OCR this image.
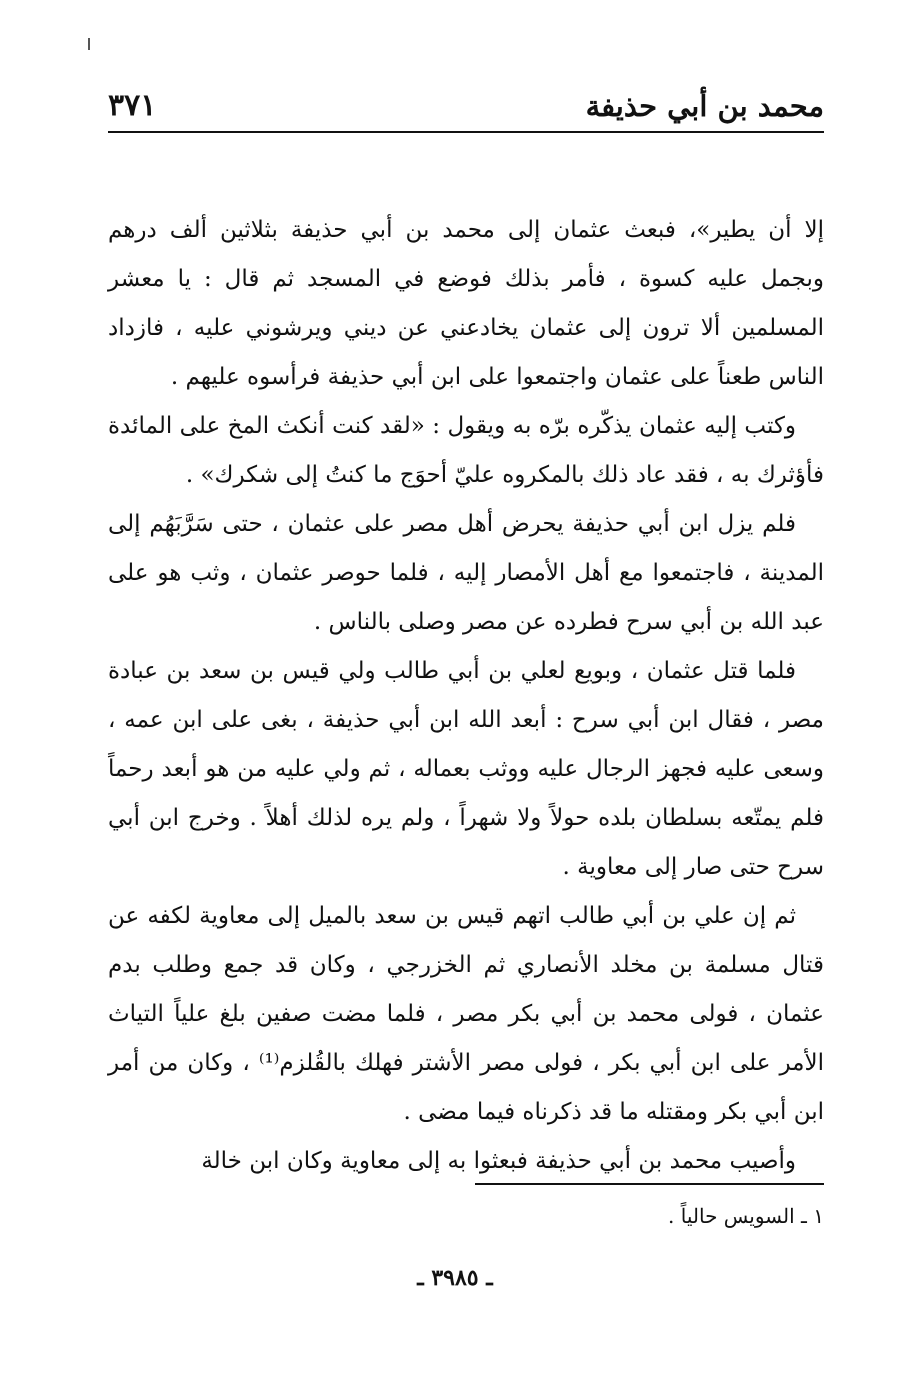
محمد بن أبي حذيفة
٣٧١

إلا أن يطير»، فبعث عثمان إلى محمد بن أبي حذيفة بثلاثين ألف درهم وبجمل عليه كسوة ، فأمر بذلك فوضع في المسجد ثم قال : يا معشر المسلمين ألا ترون إلى عثمان يخادعني عن ديني ويرشوني عليه ، فازداد الناس طعناً على عثمان واجتمعوا على ابن أبي حذيفة فرأسوه عليهم .

وكتب إليه عثمان يذكّره برّه به ويقول : «لقد كنت أنكث المخ على المائدة فأؤثرك به ، فقد عاد ذلك بالمكروه عليّ أحوَج ما كنتُ إلى شكرك» .

فلم يزل ابن أبي حذيفة يحرض أهل مصر على عثمان ، حتى سَرَّبَهُم إلى المدينة ، فاجتمعوا مع أهل الأمصار إليه ، فلما حوصر عثمان ، وثب هو على عبد الله بن أبي سرح فطرده عن مصر وصلى بالناس .

فلما قتل عثمان ، وبويع لعلي بن أبي طالب ولي قيس بن سعد بن عبادة مصر ، فقال ابن أبي سرح : أبعد الله ابن أبي حذيفة ، بغى على ابن عمه ، وسعى عليه فجهز الرجال عليه ووثب بعماله ، ثم ولي عليه من هو أبعد رحماً فلم يمتّعه بسلطان بلده حولاً ولا شهراً ، ولم يره لذلك أهلاً . وخرج ابن أبي سرح حتى صار إلى معاوية .

ثم إن علي بن أبي طالب اتهم قيس بن سعد بالميل إلى معاوية لكفه عن قتال مسلمة بن مخلد الأنصاري ثم الخزرجي ، وكان قد جمع وطلب بدم عثمان ، فولى محمد بن أبي بكر مصر ، فلما مضت صفين بلغ علياً التياث الأمر على ابن أبي بكر ، فولى مصر الأشتر فهلك بالقُلزم⁽¹⁾ ، وكان من أمر ابن أبي بكر ومقتله ما قد ذكرناه فيما مضى .

وأصيب محمد بن أبي حذيفة فبعثوا به إلى معاوية وكان ابن خالة

١ ـ السويس حالياً .
ـ ٣٩٨٥ ـ
